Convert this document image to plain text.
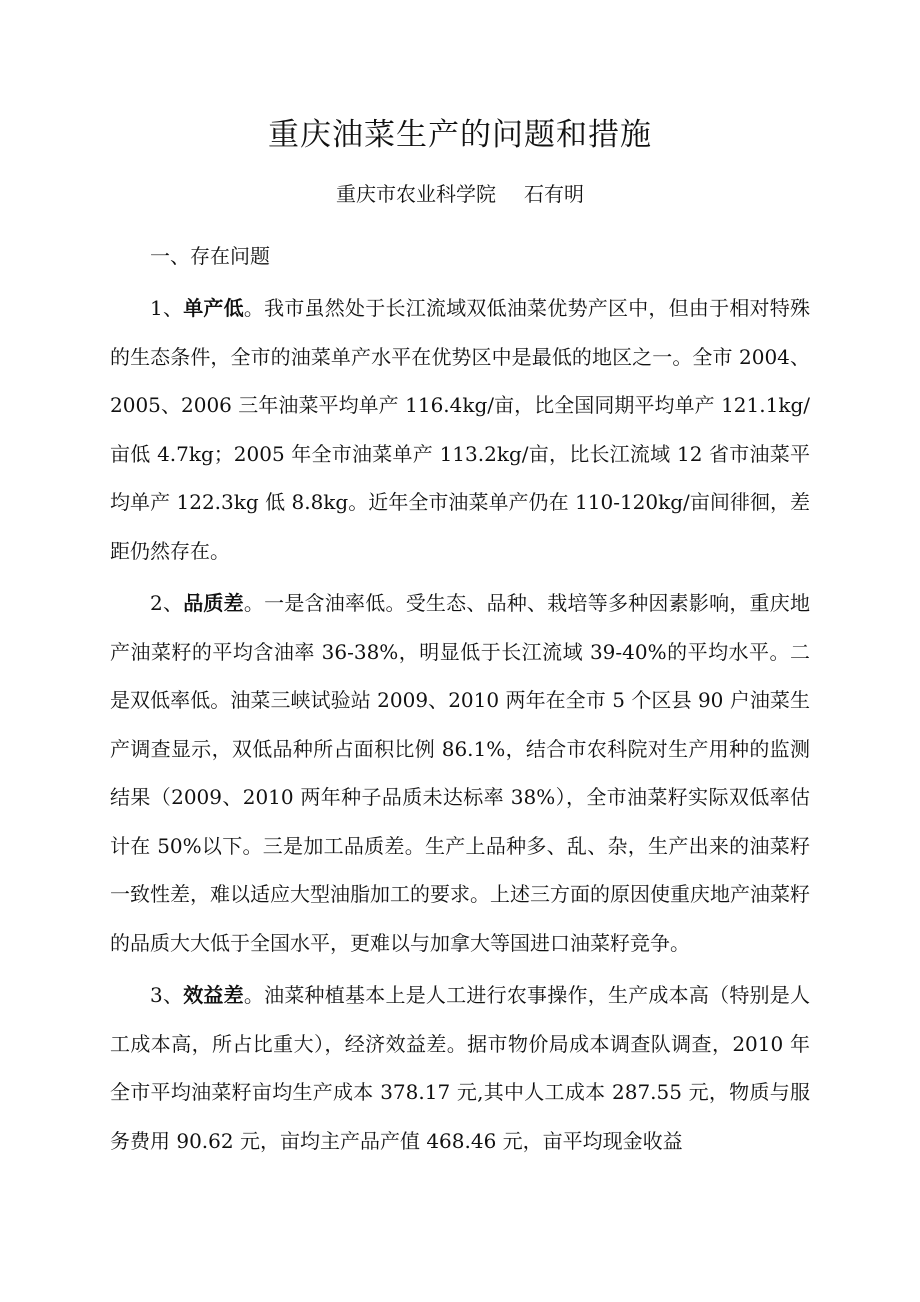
重庆油菜生产的问题和措施
重庆市农业科学院 石有明
一、存在问题

1、单产低。我市虽然处于长江流域双低油菜优势产区中，但由于相对特殊的生态条件，全市的油菜单产水平在优势区中是最低的地区之一。全市 2004、2005、2006 三年油菜平均单产 116.4kg/亩，比全国同期平均单产 121.1kg/亩低 4.7kg；2005 年全市油菜单产 113.2kg/亩，比长江流域 12 省市油菜平均单产 122.3kg 低 8.8kg。近年全市油菜单产仍在 110-120kg/亩间徘徊，差距仍然存在。

2、品质差。一是含油率低。受生态、品种、栽培等多种因素影响，重庆地产油菜籽的平均含油率 36-38%，明显低于长江流域 39-40%的平均水平。二是双低率低。油菜三峡试验站 2009、2010 两年在全市 5 个区县 90 户油菜生产调查显示，双低品种所占面积比例 86.1%，结合市农科院对生产用种的监测结果（2009、2010 两年种子品质未达标率 38%），全市油菜籽实际双低率估计在 50%以下。三是加工品质差。生产上品种多、乱、杂，生产出来的油菜籽一致性差，难以适应大型油脂加工的要求。上述三方面的原因使重庆地产油菜籽的品质大大低于全国水平，更难以与加拿大等国进口油菜籽竞争。

3、效益差。油菜种植基本上是人工进行农事操作，生产成本高（特别是人工成本高，所占比重大），经济效益差。据市物价局成本调查队调查，2010 年全市平均油菜籽亩均生产成本 378.17 元,其中人工成本 287.55 元，物质与服务费用 90.62 元，亩均主产品产值 468.46 元，亩平均现金收益
